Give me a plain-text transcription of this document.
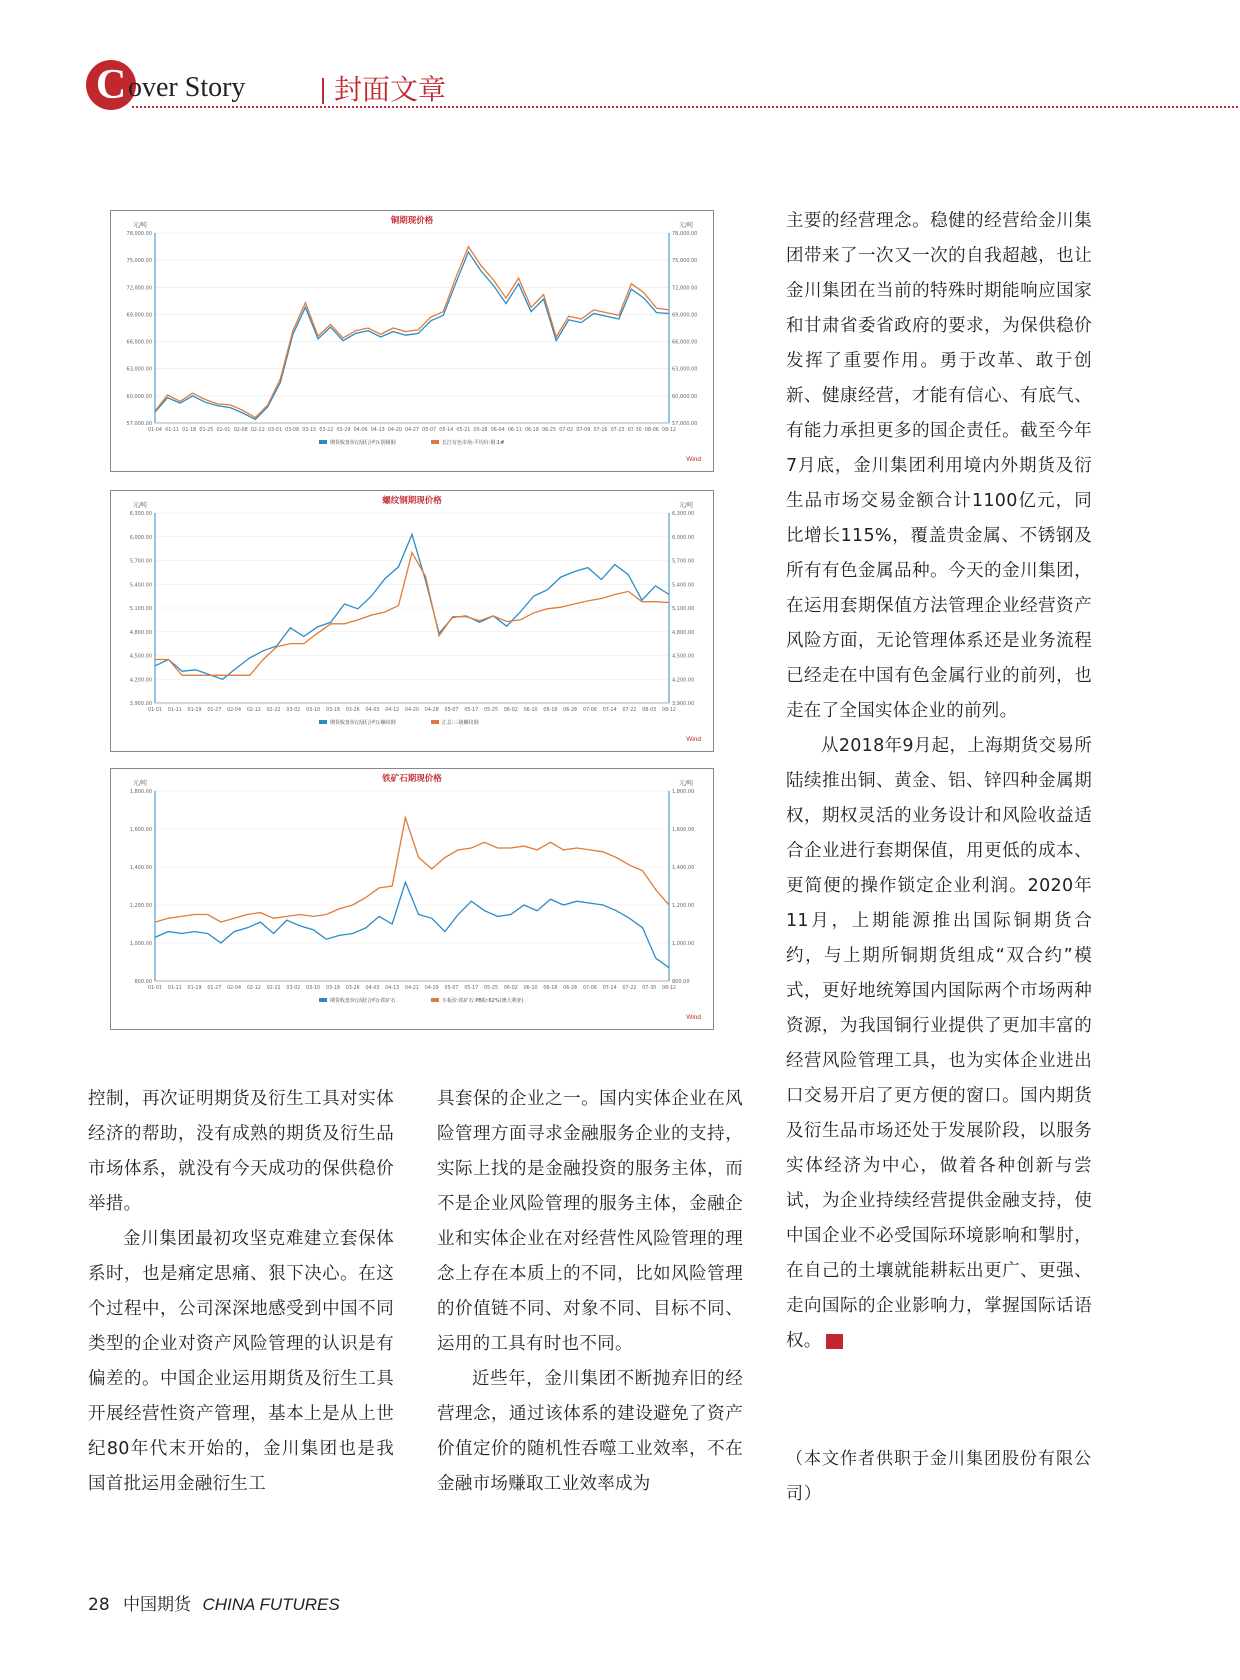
C over Story	封面文章
铜期现价格
元/吨	元/吨
57,000.00	57,000.00
60,000.00	60,000.00
63,000.00	63,000.00
66,000.00	66,000.00
69,000.00	69,000.00
72,000.00	72,000.00
75,000.00	75,000.00
78,000.00	78,000.00
01-04 01-11 01-18 01-25 02-01 02-08 02-22 03-01 03-08 03-15 03-22 03-29 04-06 04-13 04-20 04-27 05-07 05-14 05-21 05-28 06-04 06-11 06-18 06-25 07-02 07-09 07-16 07-23 07-30 08-06 08-12
期货收盘价(活跃合约):阴极铜	长江有色市场:平均价:铜:1#
Wind
螺纹钢期现价格
元/吨	元/吨
3,900.00	3,900.00
4,200.00	4,200.00
4,500.00	4,500.00
4,800.00	4,800.00
5,100.00	5,100.00
5,400.00	5,400.00
5,700.00	5,700.00
6,000.00	6,000.00
6,300.00	6,300.00
01-01 01-11 01-19 01-27 02-04 02-12 02-22 03-02 03-10 03-18 03-26 04-03 04-12 04-20 04-28 05-07 05-17 05-25 06-02 06-10 06-18 06-28 07-06 07-14 07-22 08-03 08-12
期货收盘价(活跃合约):螺纹钢	汇总:三级螺纹钢
Wind
铁矿石期现价格
元/吨	元/吨
800.00	800.00
1,000.00	1,000.00
1,200.00	1,200.00
1,400.00	1,400.00
1,600.00	1,600.00
1,800.00	1,800.00
01-01 01-11 01-19 01-27 02-04 02-12 02-22 03-02 03-10 03-18 03-26 04-03 04-13 04-21 04-29 05-07 05-17 05-25 06-02 06-10 06-18 06-28 07-06 07-14 07-22 07-30 08-12
期货收盘价(活跃合约):铁矿石	车板价:铁矿石:PB粉:62%(澳大利亚)
Wind

主要的经营理念。稳健的经营给金川集团带来了一次又一次的自我超越，也让金川集团在当前的特殊时期能响应国家和甘肃省委省政府的要求，为保供稳价发挥了重要作用。勇于改革、敢于创新、健康经营，才能有信心、有底气、有能力承担更多的国企责任。截至今年7月底，金川集团利用境内外期货及衍生品市场交易金额合计1100亿元，同比增长115%，覆盖贵金属、不锈钢及所有有色金属品种。今天的金川集团，在运用套期保值方法管理企业经营资产风险方面，无论管理体系还是业务流程已经走在中国有色金属行业的前列，也走在了全国实体企业的前列。

从2018年9月起，上海期货交易所陆续推出铜、黄金、铝、锌四种金属期权，期权灵活的业务设计和风险收益适合企业进行套期保值，用更低的成本、更简便的操作锁定企业利润。2020年11月，上期能源推出国际铜期货合约，与上期所铜期货组成“双合约”模式，更好地统筹国内国际两个市场两种资源，为我国铜行业提供了更加丰富的经营风险管理工具，也为实体企业进出口交易开启了更方便的窗口。国内期货及衍生品市场还处于发展阶段，以服务实体经济为中心，做着各种创新与尝试，为企业持续经营提供金融支持，使中国企业不必受国际环境影响和掣肘，在自己的土壤就能耕耘出更广、更强、走向国际的企业影响力，掌握国际话语权。	CFI

（本文作者供职于金川集团股份有限公司）

控制，再次证明期货及衍生工具对实体经济的帮助，没有成熟的期货及衍生品市场体系，就没有今天成功的保供稳价举措。

金川集团最初攻坚克难建立套保体系时，也是痛定思痛、狠下决心。在这个过程中，公司深深地感受到中国不同类型的企业对资产风险管理的认识是有偏差的。中国企业运用期货及衍生工具开展经营性资产管理，基本上是从上世纪80年代末开始的，金川集团也是我国首批运用金融衍生工

具套保的企业之一。国内实体企业在风险管理方面寻求金融服务企业的支持，实际上找的是金融投资的服务主体，而不是企业风险管理的服务主体，金融企业和实体企业在对经营性风险管理的理念上存在本质上的不同，比如风险管理的价值链不同、对象不同、目标不同、运用的工具有时也不同。

近些年，金川集团不断抛弃旧的经营理念，通过该体系的建设避免了资产价值定价的随机性吞噬工业效率，不在金融市场赚取工业效率成为

28 中国期货 CHINA FUTURES
